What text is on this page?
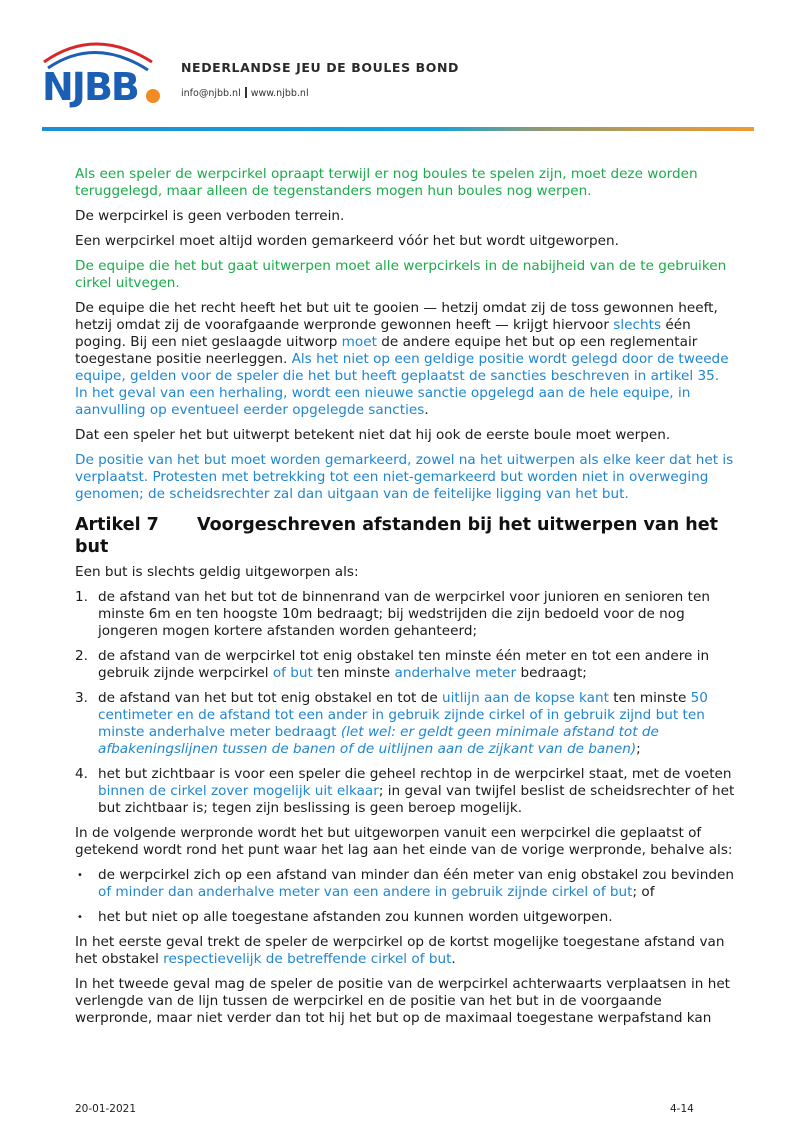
NJBB	NEDERLANDSE JEU DE BOULES BOND
info@njbb.nl www.njbb.nl

Als een speler de werpcirkel opraapt terwijl er nog boules te spelen zijn, moet deze worden teruggelegd, maar alleen de tegenstanders mogen hun boules nog werpen.

De werpcirkel is geen verboden terrein.

Een werpcirkel moet altijd worden gemarkeerd vóór het but wordt uitgeworpen.

De equipe die het but gaat uitwerpen moet alle werpcirkels in de nabijheid van de te gebruiken cirkel uitvegen.

De equipe die het recht heeft het but uit te gooien — hetzij omdat zij de toss gewonnen heeft, hetzij omdat zij de voorafgaande werpronde gewonnen heeft — krijgt hiervoor slechts één poging. Bij een niet geslaagde uitworp moet de andere equipe het but op een reglementair toegestane positie neerleggen. Als het niet op een geldige positie wordt gelegd door de tweede equipe, gelden voor de speler die het but heeft geplaatst de sancties beschreven in artikel 35. In het geval van een herhaling, wordt een nieuwe sanctie opgelegd aan de hele equipe, in aanvulling op eventueel eerder opgelegde sancties.

Dat een speler het but uitwerpt betekent niet dat hij ook de eerste boule moet werpen.

De positie van het but moet worden gemarkeerd, zowel na het uitwerpen als elke keer dat het is verplaatst. Protesten met betrekking tot een niet-gemarkeerd but worden niet in overweging genomen; de scheidsrechter zal dan uitgaan van de feitelijke ligging van het but.

Artikel 7 Voorgeschreven afstanden bij het uitwerpen van het but

Een but is slechts geldig uitgeworpen als:

1. de afstand van het but tot de binnenrand van de werpcirkel voor junioren en senioren ten minste 6m en ten hoogste 10m bedraagt; bij wedstrijden die zijn bedoeld voor de nog jongeren mogen kortere afstanden worden gehanteerd;
2. de afstand van de werpcirkel tot enig obstakel ten minste één meter en tot een andere in gebruik zijnde werpcirkel of but ten minste anderhalve meter bedraagt;
3. de afstand van het but tot enig obstakel en tot de uitlijn aan de kopse kant ten minste 50 centimeter en de afstand tot een ander in gebruik zijnde cirkel of in gebruik zijnd but ten minste anderhalve meter bedraagt (let wel: er geldt geen minimale afstand tot de afbakeningslijnen tussen de banen of de uitlijnen aan de zijkant van de banen);
4. het but zichtbaar is voor een speler die geheel rechtop in de werpcirkel staat, met de voeten binnen de cirkel zover mogelijk uit elkaar; in geval van twijfel beslist de scheidsrechter of het but zichtbaar is; tegen zijn beslissing is geen beroep mogelijk.

In de volgende werpronde wordt het but uitgeworpen vanuit een werpcirkel die geplaatst of getekend wordt rond het punt waar het lag aan het einde van de vorige werpronde, behalve als:

• de werpcirkel zich op een afstand van minder dan één meter van enig obstakel zou bevinden of minder dan anderhalve meter van een andere in gebruik zijnde cirkel of but; of
• het but niet op alle toegestane afstanden zou kunnen worden uitgeworpen.

In het eerste geval trekt de speler de werpcirkel op de kortst mogelijke toegestane afstand van het obstakel respectievelijk de betreffende cirkel of but.

In het tweede geval mag de speler de positie van de werpcirkel achterwaarts verplaatsen in het verlengde van de lijn tussen de werpcirkel en de positie van het but in de voorgaande werpronde, maar niet verder dan tot hij het but op de maximaal toegestane werpafstand kan

20-01-2021	4-14
